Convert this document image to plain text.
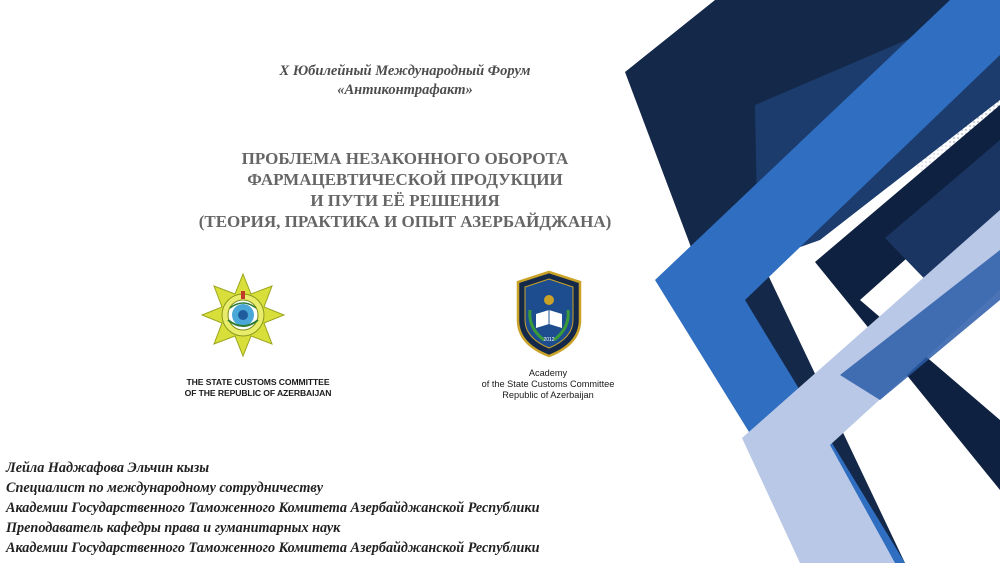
X Юбилейный Международный Форум
«Антиконтрафакт»
ПРОБЛЕМА НЕЗАКОННОГО ОБОРОТА
ФАРМАЦЕВТИЧЕСКОЙ ПРОДУКЦИИ
И ПУТИ ЕЁ РЕШЕНИЯ
(ТЕОРИЯ, ПРАКТИКА И ОПЫТ АЗЕРБАЙДЖАНА)
THE STATE CUSTOMS COMMITTEE
OF THE REPUBLIC OF AZERBAIJAN
2012
Academy
of the State Customs Committee
Republic of Azerbaijan
Лейла Наджафова Эльчин кызы
Специалист по международному сотрудничеству
Академии Государственного Таможенного Комитета Азербайджанской Республики
Преподаватель кафедры права и гуманитарных наук
Академии Государственного Таможенного Комитета Азербайджанской Республики
